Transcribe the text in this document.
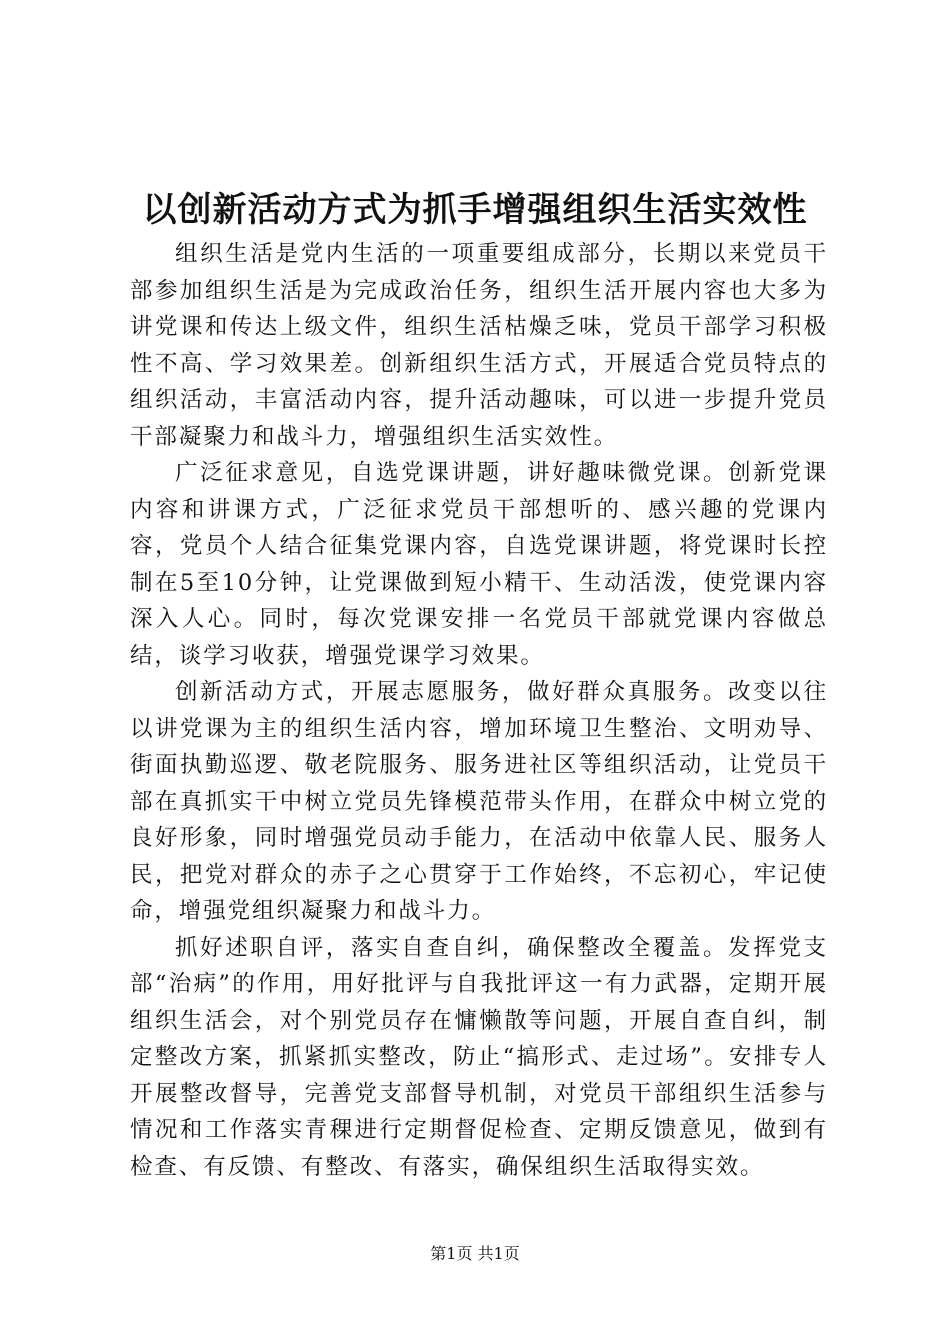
以创新活动方式为抓手增强组织生活实效性

组织生活是党内生活的一项重要组成部分，长期以来党员干部参加组织生活是为完成政治任务，组织生活开展内容也大多为讲党课和传达上级文件，组织生活枯燥乏味，党员干部学习积极性不高、学习效果差。创新组织生活方式，开展适合党员特点的组织活动，丰富活动内容，提升活动趣味，可以进一步提升党员干部凝聚力和战斗力，增强组织生活实效性。

广泛征求意见，自选党课讲题，讲好趣味微党课。创新党课内容和讲课方式，广泛征求党员干部想听的、感兴趣的党课内容，党员个人结合征集党课内容，自选党课讲题，将党课时长控制在5至10分钟，让党课做到短小精干、生动活泼，使党课内容深入人心。同时，每次党课安排一名党员干部就党课内容做总结，谈学习收获，增强党课学习效果。

创新活动方式，开展志愿服务，做好群众真服务。改变以往以讲党课为主的组织生活内容，增加环境卫生整治、文明劝导、街面执勤巡逻、敬老院服务、服务进社区等组织活动，让党员干部在真抓实干中树立党员先锋模范带头作用，在群众中树立党的良好形象，同时增强党员动手能力，在活动中依靠人民、服务人民，把党对群众的赤子之心贯穿于工作始终，不忘初心，牢记使命，增强党组织凝聚力和战斗力。

抓好述职自评，落实自查自纠，确保整改全覆盖。发挥党支部“治病”的作用，用好批评与自我批评这一有力武器，定期开展组织生活会，对个别党员存在慵懒散等问题，开展自查自纠，制定整改方案，抓紧抓实整改，防止“搞形式、走过场”。安排专人开展整改督导，完善党支部督导机制，对党员干部组织生活参与情况和工作落实青稞进行定期督促检查、定期反馈意见，做到有检查、有反馈、有整改、有落实，确保组织生活取得实效。

第1页 共1页
